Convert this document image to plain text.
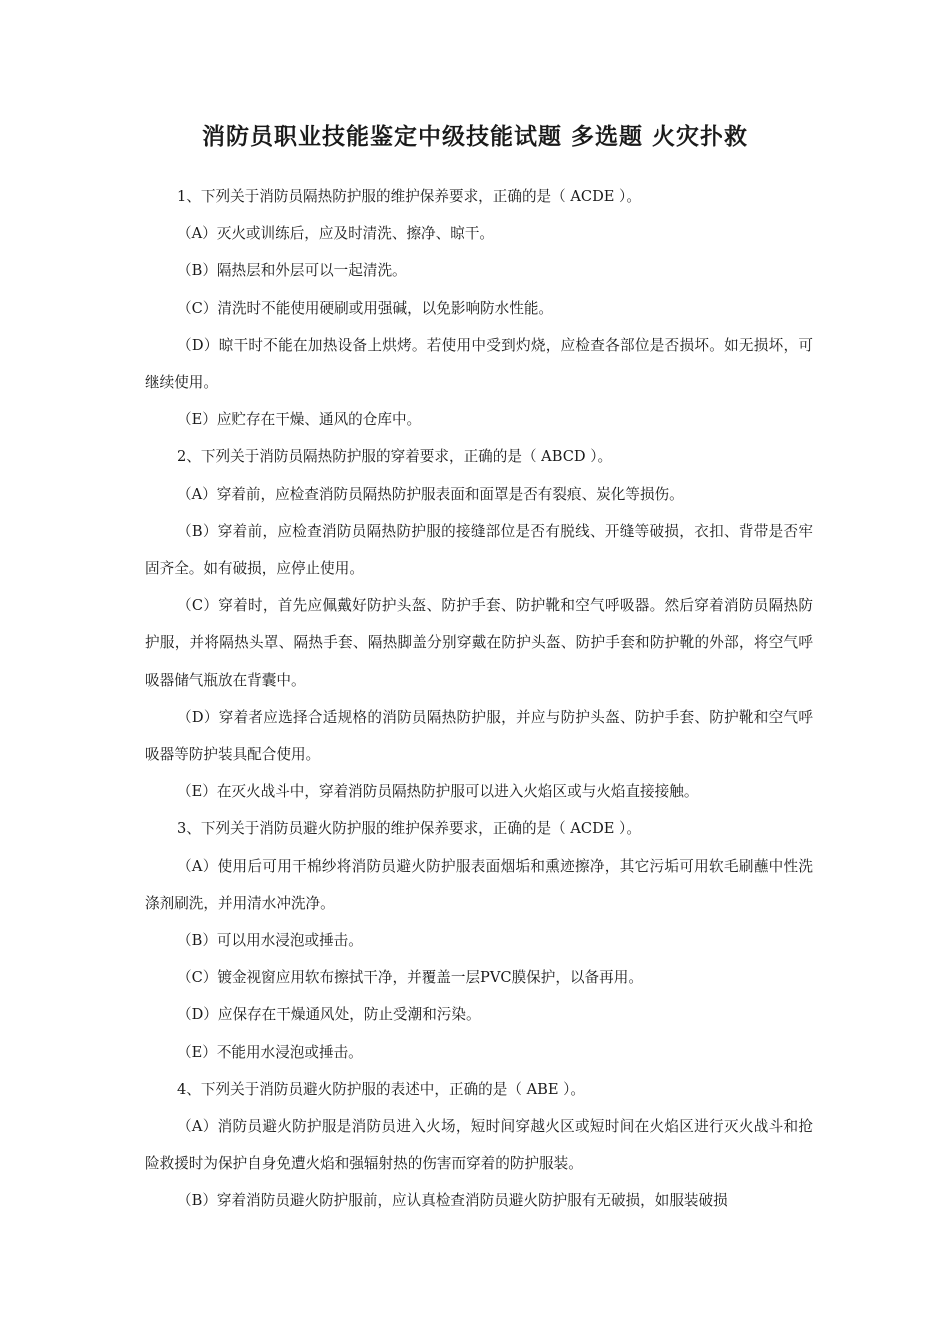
消防员职业技能鉴定中级技能试题 多选题 火灾扑救

1、下列关于消防员隔热防护服的维护保养要求，正确的是（ ACDE ）。

（A）灭火或训练后，应及时清洗、擦净、晾干。

（B）隔热层和外层可以一起清洗。

（C）清洗时不能使用硬刷或用强碱，以免影响防水性能。

（D）晾干时不能在加热设备上烘烤。若使用中受到灼烧，应检查各部位是否损坏。如无损坏，可继续使用。

（E）应贮存在干燥、通风的仓库中。

2、下列关于消防员隔热防护服的穿着要求，正确的是（ ABCD ）。

（A）穿着前，应检查消防员隔热防护服表面和面罩是否有裂痕、炭化等损伤。

（B）穿着前，应检查消防员隔热防护服的接缝部位是否有脱线、开缝等破损，衣扣、背带是否牢固齐全。如有破损，应停止使用。

（C）穿着时，首先应佩戴好防护头盔、防护手套、防护靴和空气呼吸器。然后穿着消防员隔热防护服，并将隔热头罩、隔热手套、隔热脚盖分别穿戴在防护头盔、防护手套和防护靴的外部，将空气呼吸器储气瓶放在背囊中。

（D）穿着者应选择合适规格的消防员隔热防护服，并应与防护头盔、防护手套、防护靴和空气呼吸器等防护装具配合使用。

（E）在灭火战斗中，穿着消防员隔热防护服可以进入火焰区或与火焰直接接触。

3、下列关于消防员避火防护服的维护保养要求，正确的是（ ACDE ）。

（A）使用后可用干棉纱将消防员避火防护服表面烟垢和熏迹擦净，其它污垢可用软毛刷蘸中性洗涤剂刷洗，并用清水冲洗净。

（B）可以用水浸泡或捶击。

（C）镀金视窗应用软布擦拭干净，并覆盖一层PVC膜保护，以备再用。

（D）应保存在干燥通风处，防止受潮和污染。

（E）不能用水浸泡或捶击。

4、下列关于消防员避火防护服的表述中，正确的是（ ABE ）。

（A）消防员避火防护服是消防员进入火场，短时间穿越火区或短时间在火焰区进行灭火战斗和抢险救援时为保护自身免遭火焰和强辐射热的伤害而穿着的防护服装。

（B）穿着消防员避火防护服前，应认真检查消防员避火防护服有无破损，如服装破损
